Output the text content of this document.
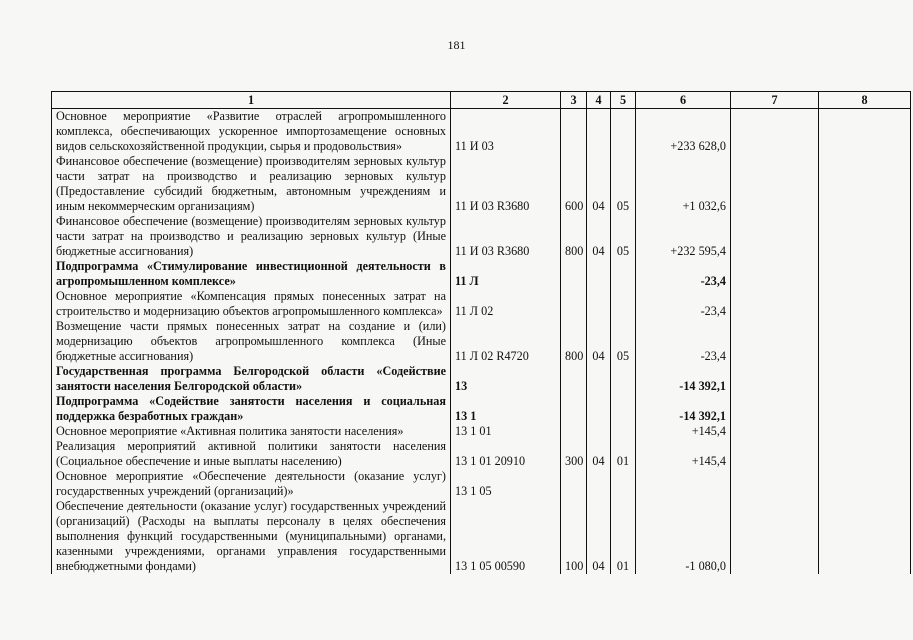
181
1	2	3	4	5	6	7	8
Основное мероприятие «Развитие отраслей агропромышленного комплекса, обеспечивающих ускоренное импортозамещение основных видов сельскохозяйственной продукции, сырья и продовольствия»	11 И 03				+233 628,0		
Финансовое обеспечение (возмещение) производителям зерновых культур части затрат на производство и реализацию зерновых культур (Предоставление субсидий бюджетным, автономным учреждениям и иным некоммерческим организациям)	11 И 03 R3680	600	04	05	+1 032,6		
Финансовое обеспечение (возмещение) производителям зерновых культур части затрат на производство и реализацию зерновых культур (Иные бюджетные ассигнования)	11 И 03 R3680	800	04	05	+232 595,4		
Подпрограмма «Стимулирование инвестиционной деятельности в агропромышленном комплексе»	11 Л				-23,4		
Основное мероприятие «Компенсация прямых понесенных затрат на строительство и модернизацию объектов агропромышленного комплекса»	11 Л 02				-23,4		
Возмещение части прямых понесенных затрат на создание и (или) модернизацию объектов агропромышленного комплекса (Иные бюджетные ассигнования)	11 Л 02 R4720	800	04	05	-23,4		
Государственная программа Белгородской области «Содействие занятости населения Белгородской области»	13				-14 392,1		
Подпрограмма «Содействие занятости населения и социальная поддержка безработных граждан»	13 1				-14 392,1		
Основное мероприятие «Активная политика занятости населения»	13 1 01				+145,4		
Реализация мероприятий активной политики занятости населения (Социальное обеспечение и иные выплаты населению)	13 1 01 20910	300	04	01	+145,4		
Основное мероприятие «Обеспечение деятельности (оказание услуг) государственных учреждений (организаций)»	13 1 05						
Обеспечение деятельности (оказание услуг) государственных учреждений (организаций) (Расходы на выплаты персоналу в целях обеспечения выполнения функций государственными (муниципальными) органами, казенными учреждениями, органами управления государственными внебюджетными фондами)	13 1 05 00590	100	04	01	-1 080,0		
